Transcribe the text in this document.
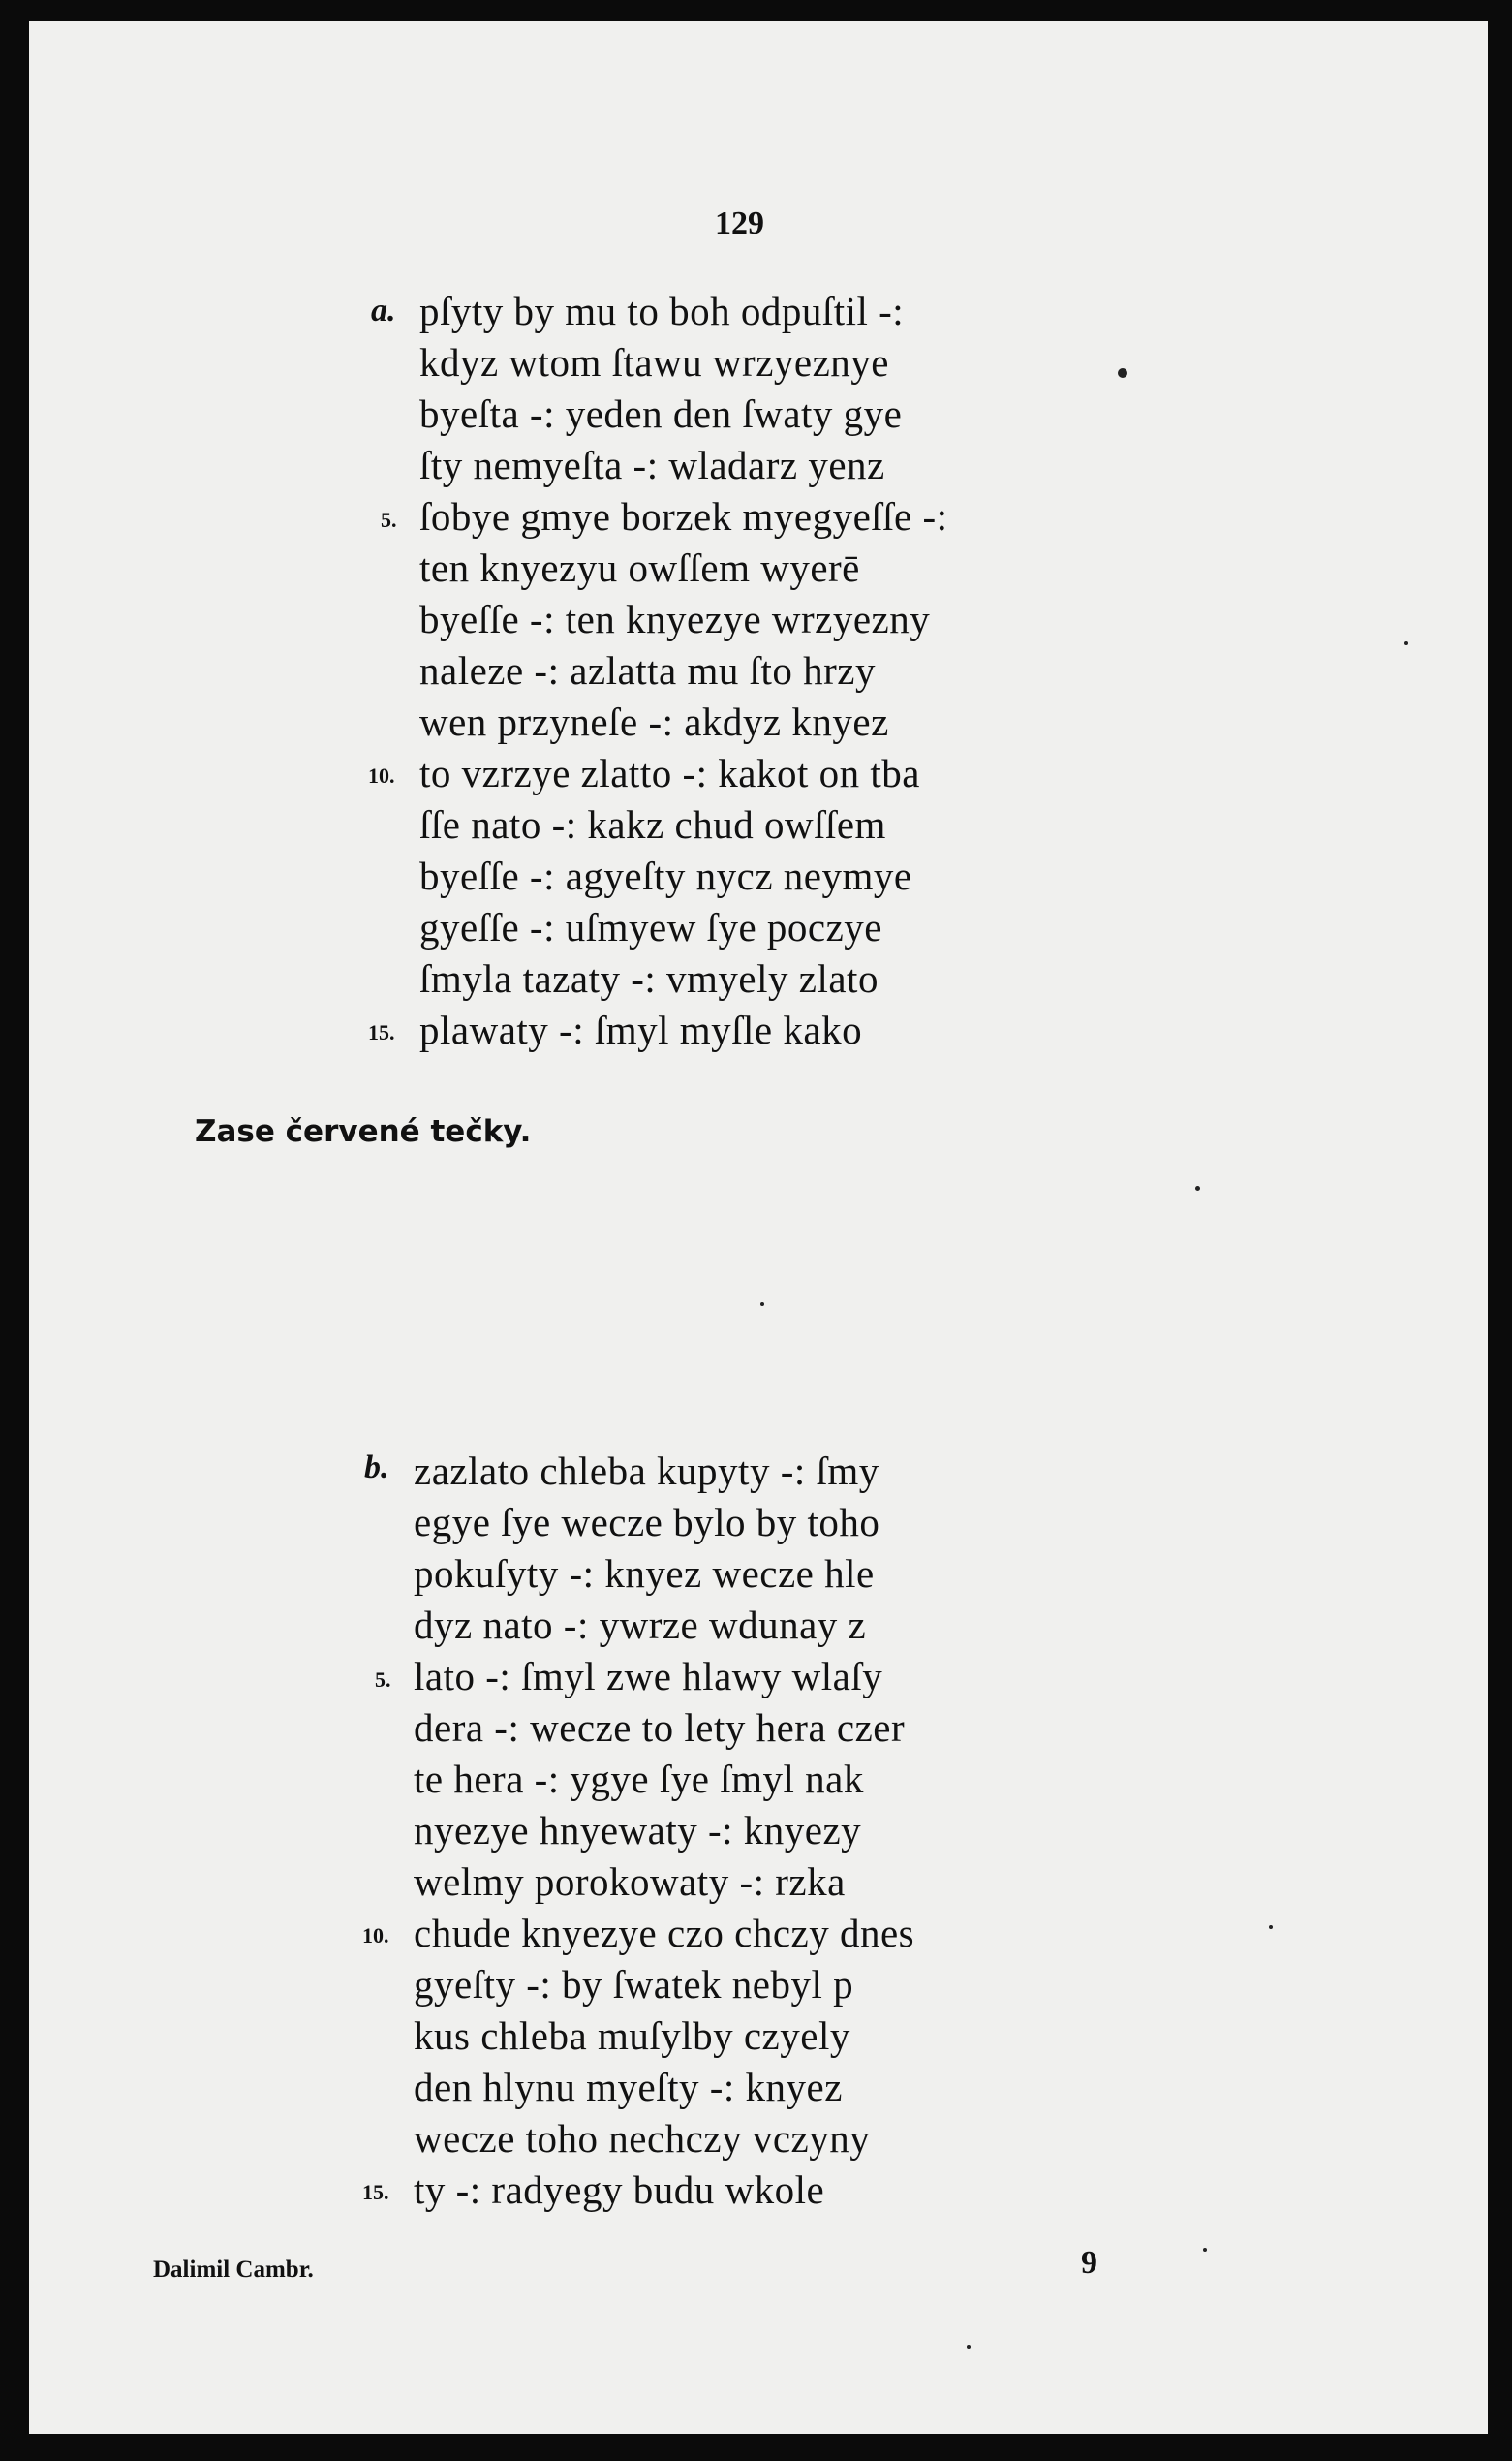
129
a. pſyty by mu to boh odpuſtil -:
kdyz wtom ſtawu wrzyeznye
byeſta -: yeden den ſwaty gye
ſty nemyeſta -: wladarz yenz
5. ſobye gmye borzek myegyeſſe -:
ten knyezyu owſſem wyerē
byeſſe -: ten knyezye wrzyezny
naleze -: azlatta mu ſto hrzy
wen przyneſe -: akdyz knyez
10. to vzrzye zlatto -: kakot on tba
ſſe nato -: kakz chud owſſem
byeſſe -: agyeſty nycz neymye
gyeſſe -: uſmyew ſye poczye
ſmyla tazaty -: vmyely zlato
15. plawaty -: ſmyl myſle kako
Zase červené tečky.
b. zazlato chleba kupyty -: ſmy
egye ſye wecze bylo by toho
pokuſyty -: knyez wecze hle
dyz nato -: ywrze wdunay z
5. lato -: ſmyl zwe hlawy wlaſy
dera -: wecze to lety hera czer
te hera -: ygye ſye ſmyl nak
nyezye hnyewaty -: knyezy
welmy porokowaty -: rzka
10. chude knyezye czo chczy dnes
gyeſty -: by ſwatek nebyl p
kus chleba muſylby czyely
den hlynu myeſty -: knyez
wecze toho nechczy vczyny
15. ty -: radyegy budu wkole
Dalimil Cambr.	9
